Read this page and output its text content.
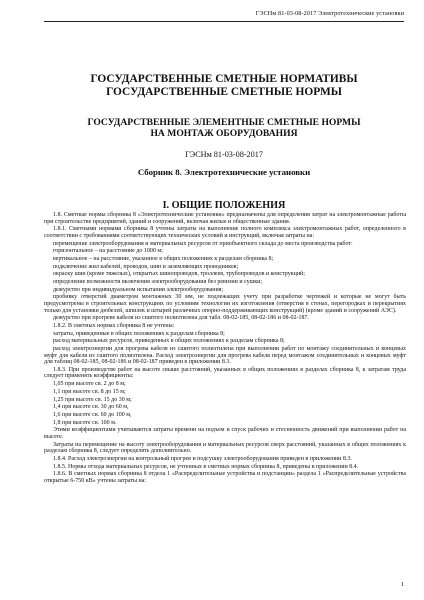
ГЭСНм 81-03-08-2017 Электротехнические установки
ГОСУДАРСТВЕННЫЕ СМЕТНЫЕ НОРМАТИВЫ
ГОСУДАРСТВЕННЫЕ СМЕТНЫЕ НОРМЫ
ГОСУДАРСТВЕННЫЕ ЭЛЕМЕНТНЫЕ СМЕТНЫЕ НОРМЫ
НА МОНТАЖ ОБОРУДОВАНИЯ
ГЭСНм 81-03-08-2017
Сборник 8. Электротехнические установки
I. ОБЩИЕ ПОЛОЖЕНИЯ

1.8. Сметные нормы сборника 8 «Электротехнические установки» предназначены для определения затрат на электромонтажные работы при строительстве предприятий, зданий и сооружений, включая жилые и общественные здания.

1.8.1. Сметными нормами сборника 8 учтены затраты на выполнение полного комплекса электромонтажных работ, определенного в соответствии с требованиями соответствующих технических условий и инструкций, включая затраты на:

перемещение электрооборудования и материальных ресурсов от приобъектного склада до места производства работ:

горизонтальное – на расстояние до 1000 м;

вертикальное – на расстояние, указанное в общих положениях к разделам сборника 8;

подключение жил кабелей, проводов, шин и заземляющих проводников;

окраску шин (кроме тяжелых), открытых шинопроводов, троллеев, трубопроводов и конструкций;

определение возможности включения электрооборудования без ревизии и сушки;

дежурство при индивидуальном испытании электрооборудования;

пробивку отверстий диаметром монтажных 30 мм, не подлежащих учету при разработке чертежей и которые не могут быть предусмотрены в строительных конструкциях по условиям технологии их изготовления (отверстия в стенах, перегородках и перекрытиях только для установки дюбелей, шпилек и штырей различных опорно-поддерживающих конструкций) (кроме зданий и сооружений АЭС).

дежурство при прогреве кабеля из сшитого полиэтилена для табл. 08-02-185, 08-02-186 и 08-02-187.

1.8.2. В сметных нормах сборника 8 не учтены:

затраты, приведенные в общих положениях к разделам сборника 8;

расход материальных ресурсов, приведенных в общих положениях к разделам сборника 8;

расход электроэнергии для прогрева кабеля из сшитого полиэтилена при выполнении работ по монтажу соединительных и концевых муфт для кабеля из сшитого полиэтилена. Расход электроэнергии для прогрева кабеля перед монтажом соединительных и концевых муфт для таблиц 08-02-185, 08-02-186 и 08-02-187 приведен в приложении 8.3.

1.8.3. При производстве работ на высоте свыше расстояний, указанных в общих положениях в разделах сборника 8, к затратам труда следует применять коэффициенты:

1,05 при высоте св. 2 до 8 м;

1,1 при высоте св. 8 до 15 м;

1,25 при высоте св. 15 до 30 м;

1,4 при высоте св. 30 до 60 м,

1,6 при высоте св. 60 до 100 м,

1,8 при высоте св. 100 м.

Этими коэффициентами учитываются затраты времени на подъем и спуск рабочих и стесненность движений при выполнении работ на высоте.

Затраты на перемещение на высоту электрооборудования и материальных ресурсов сверх расстояний, указанных в общих положениях к разделам сборника 8, следует определять дополнительно.

1.8.4. Расход электроэнергии на контрольный прогрев и подсушку электрооборудования приведен в приложении 8.3.

1.8.5. Нормы отхода материальных ресурсов, не учтенных в сметных нормах сборника 8, приведены в приложении 8.4.

1.8.6. В сметных нормах сборника 8 отдела 1 «Распределительные устройства и подстанции» раздела 1 «Распределительные устройства открытые 6-750 кВ» учтены затраты на:

1
